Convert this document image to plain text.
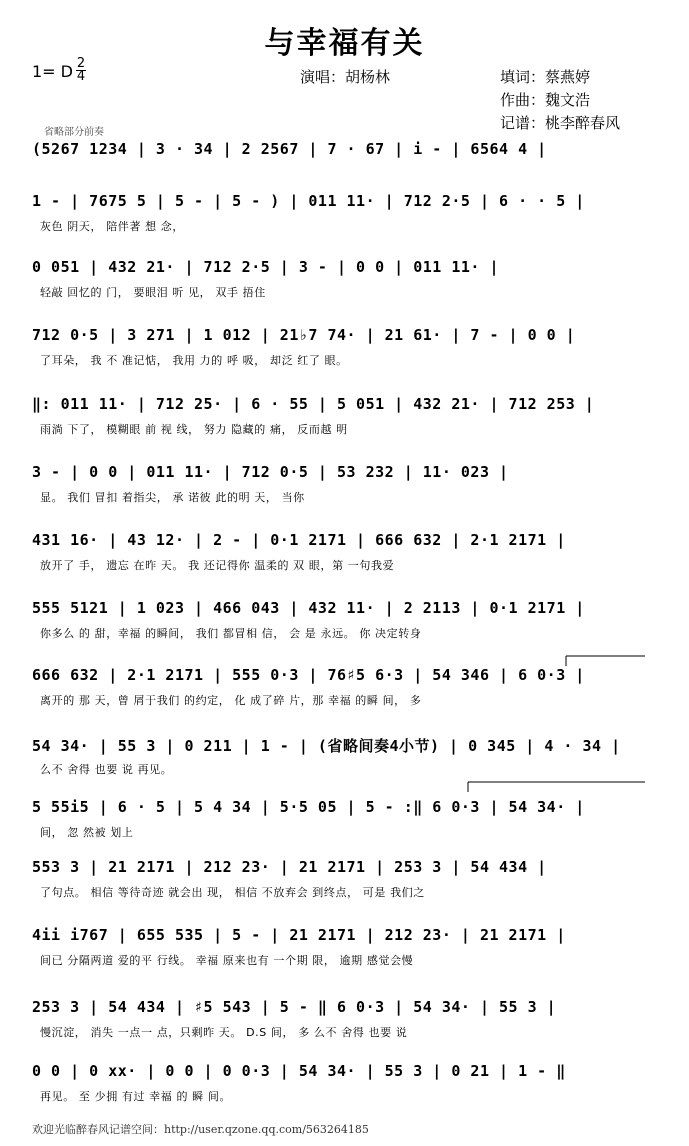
与幸福有关
1= D 2
4	演唱：胡杨林	填词：蔡燕婷
作曲：魏文浩
记谱：桃李醉春风
省略部分前奏
(5267 1234 | 3 · 34 | 2 2567 | 7 · 67 | i - | 6564 4 |
1 - | 7675 5 | 5 - | 5 - ) | 011 11· | 712 2·5 | 6 · · 5 |
灰色 阴天， 陪伴著 想 念，
0 051 | 432 21· | 712 2·5 | 3 - | 0 0 | 011 11· |
轻敲 回忆的 门， 要眼泪 听 见， 双手 捂住
712 0·5 | 3 271 | 1 012 | 21♭7 74· | 21 61· | 7 - | 0 0 |
了耳朵， 我 不 准记惦， 我用 力的 呼 吸， 却泛 红了 眼。
‖: 011 11· | 712 25· | 6 · 55 | 5 051 | 432 21· | 712 253 |
雨淌 下了， 模糊眼 前 视 线， 努力 隐藏的 痛， 反而越 明
3 - | 0 0 | 011 11· | 712 0·5 | 53 232 | 11· 023 |
显。 我们 冒扣 着指尖， 承 诺彼 此的明 天， 当你
431 16· | 43 12· | 2 - | 0·1 2171 | 666 632 | 2·1 2171 |
放开了 手， 遗忘 在昨 天。 我 还记得你 温柔的 双 眼，第 一句我爱
555 5121 | 1 023 | 466 043 | 432 11· | 2 2113 | 0·1 2171 |
你多么 的 甜，幸福 的瞬间， 我们 都冒相 信， 会 是 永远。 你 决定转身
666 632 | 2·1 2171 | 555 0·3 | 76♯5 6·3 | 54 346 | 6 0·3 |
离开的 那 天，曾 屑于我们 的约定， 化 成了碎 片，那 幸福 的瞬 间， 多
54 34· | 55 3 | 0 211 | 1 - | (省略间奏4小节) | 0 345 | 4 · 34 |
么不 舍得 也要 说 再见。
5 55i5 | 6 · 5 | 5 4 34 | 5·5 05 | 5 - :‖ 6 0·3 | 54 34· |
间， 忽 然被 划上
553 3 | 21 2171 | 212 23· | 21 2171 | 253 3 | 54 434 |
了句点。 相信 等待奇迹 就会出 现， 相信 不放弃会 到终点， 可是 我们之
4ii i767 | 655 535 | 5 - | 21 2171 | 212 23· | 21 2171 |
间已 分隔两道 爱的平 行线。 幸福 原来也有 一个期 限， 逾期 感觉会慢
253 3 | 54 434 | ♯5 543 | 5 - ‖ 6 0·3 | 54 34· | 55 3 |
慢沉淀， 消失 一点一 点，只剩昨 天。 D.S 间， 多 么不 舍得 也要 说
0 0 | 0 xx· | 0 0 | 0 0·3 | 54 34· | 55 3 | 0 21 | 1 - ‖
再见。 至 少拥 有过 幸福 的 瞬 间。
欢迎光临醉春风记谱空间：http://user.qzone.qq.com/563264185
